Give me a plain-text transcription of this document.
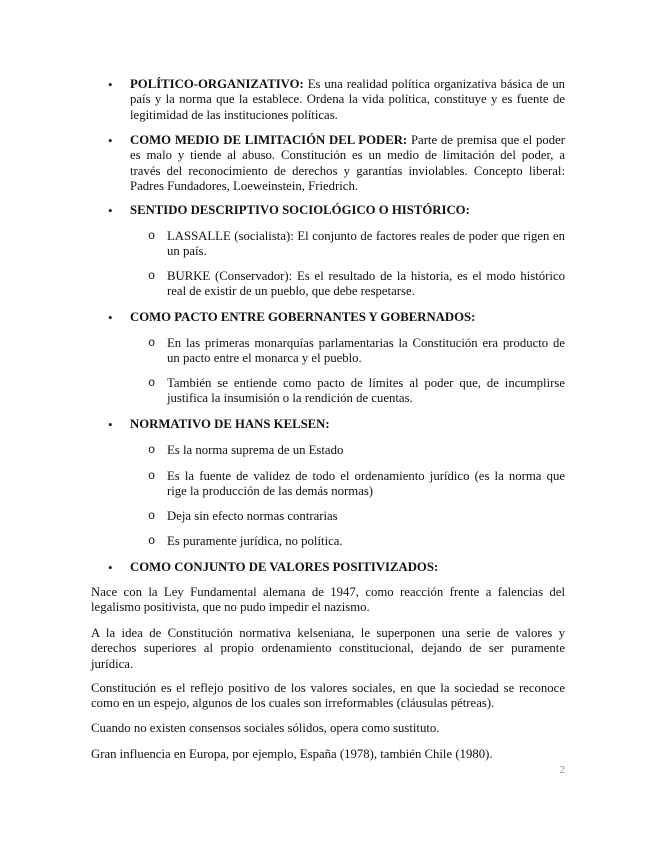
• POLÍTICO-ORGANIZATIVO: Es una realidad política organizativa básica de un
país y la norma que la establece. Ordena la vida política, constituye y es fuente de
legitimidad de las instituciones políticas.
• COMO MEDIO DE LIMITACIÓN DEL PODER: Parte de premisa que el poder
es malo y tiende al abuso. Constitución es un medio de limitación del poder, a
través del reconocimiento de derechos y garantías inviolables. Concepto liberal:
Padres Fundadores, Loeweinstein, Friedrich.
• SENTIDO DESCRIPTIVO SOCIOLÓGICO O HISTÓRICO:
o LASSALLE (socialista): El conjunto de factores reales de poder que rigen en
un país.
o BURKE (Conservador): Es el resultado de la historia, es el modo histórico
real de existir de un pueblo, que debe respetarse.
• COMO PACTO ENTRE GOBERNANTES Y GOBERNADOS:
o En las primeras monarquías parlamentarias la Constitución era producto de
un pacto entre el monarca y el pueblo.
o También se entiende como pacto de límites al poder que, de incumplirse
justifica la insumisión o la rendición de cuentas.
• NORMATIVO DE HANS KELSEN:
o Es la norma suprema de un Estado
o Es la fuente de validez de todo el ordenamiento jurídico (es la norma que
rige la producción de las demás normas)
o Deja sin efecto normas contrarias
o Es puramente jurídica, no política.
• COMO CONJUNTO DE VALORES POSITIVIZADOS:
Nace con la Ley Fundamental alemana de 1947, como reacción frente a falencias del
legalismo positivista, que no pudo impedir el nazismo.
A la idea de Constitución normativa kelseniana, le superponen una serie de valores y
derechos superiores al propio ordenamiento constitucional, dejando de ser puramente
jurídica.
Constitución es el reflejo positivo de los valores sociales, en que la sociedad se reconoce
como en un espejo, algunos de los cuales son irreformables (cláusulas pétreas).
Cuando no existen consensos sociales sólidos, opera como sustituto.
Gran influencia en Europa, por ejemplo, España (1978), también Chile (1980).
2
